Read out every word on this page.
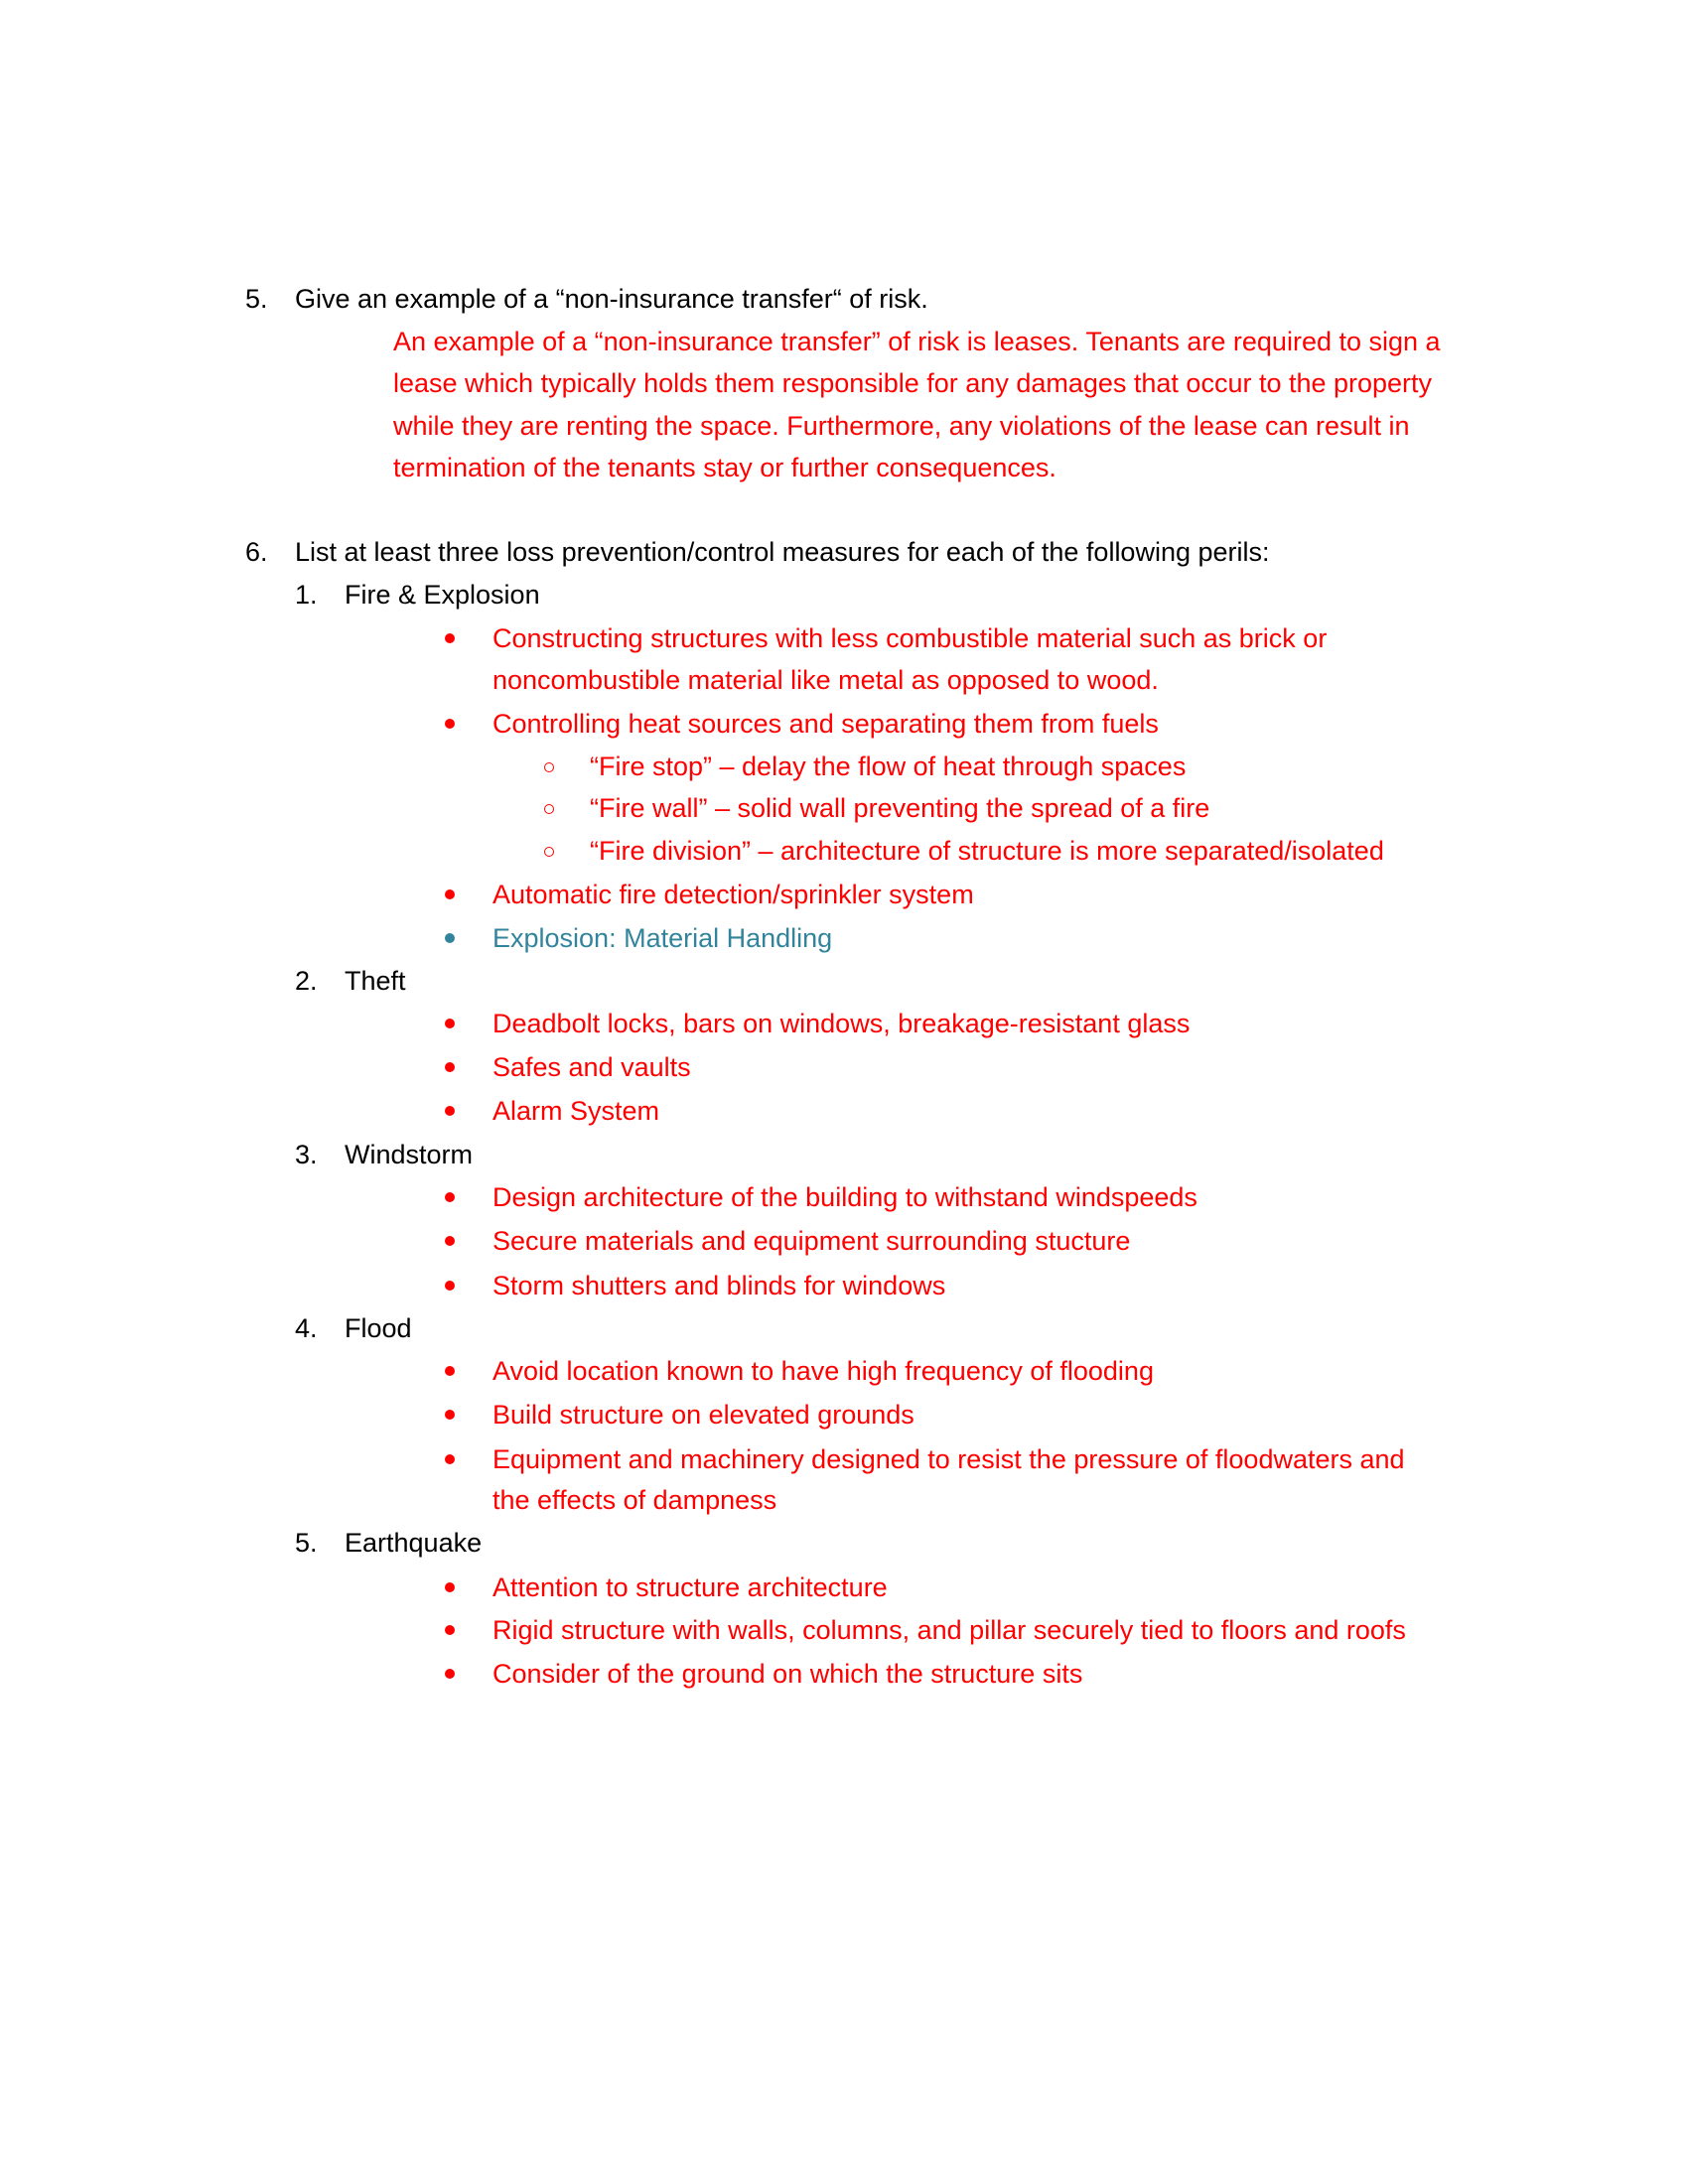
5. Give an example of a “non-insurance transfer“ of risk.
An example of a “non-insurance transfer” of risk is leases. Tenants are required to sign a
lease which typically holds them responsible for any damages that occur to the property
while they are renting the space. Furthermore, any violations of the lease can result in
termination of the tenants stay or further consequences.
6. List at least three loss prevention/control measures for each of the following perils:
1. Fire & Explosion
Constructing structures with less combustible material such as brick or
noncombustible material like metal as opposed to wood.
Controlling heat sources and separating them from fuels
“Fire stop” – delay the flow of heat through spaces
“Fire wall” – solid wall preventing the spread of a fire
“Fire division” – architecture of structure is more separated/isolated
Automatic fire detection/sprinkler system
Explosion: Material Handling
2. Theft
Deadbolt locks, bars on windows, breakage-resistant glass
Safes and vaults
Alarm System
3. Windstorm
Design architecture of the building to withstand windspeeds
Secure materials and equipment surrounding stucture
Storm shutters and blinds for windows
4. Flood
Avoid location known to have high frequency of flooding
Build structure on elevated grounds
Equipment and machinery designed to resist the pressure of floodwaters and
the effects of dampness
5. Earthquake
Attention to structure architecture
Rigid structure with walls, columns, and pillar securely tied to floors and roofs
Consider of the ground on which the structure sits
